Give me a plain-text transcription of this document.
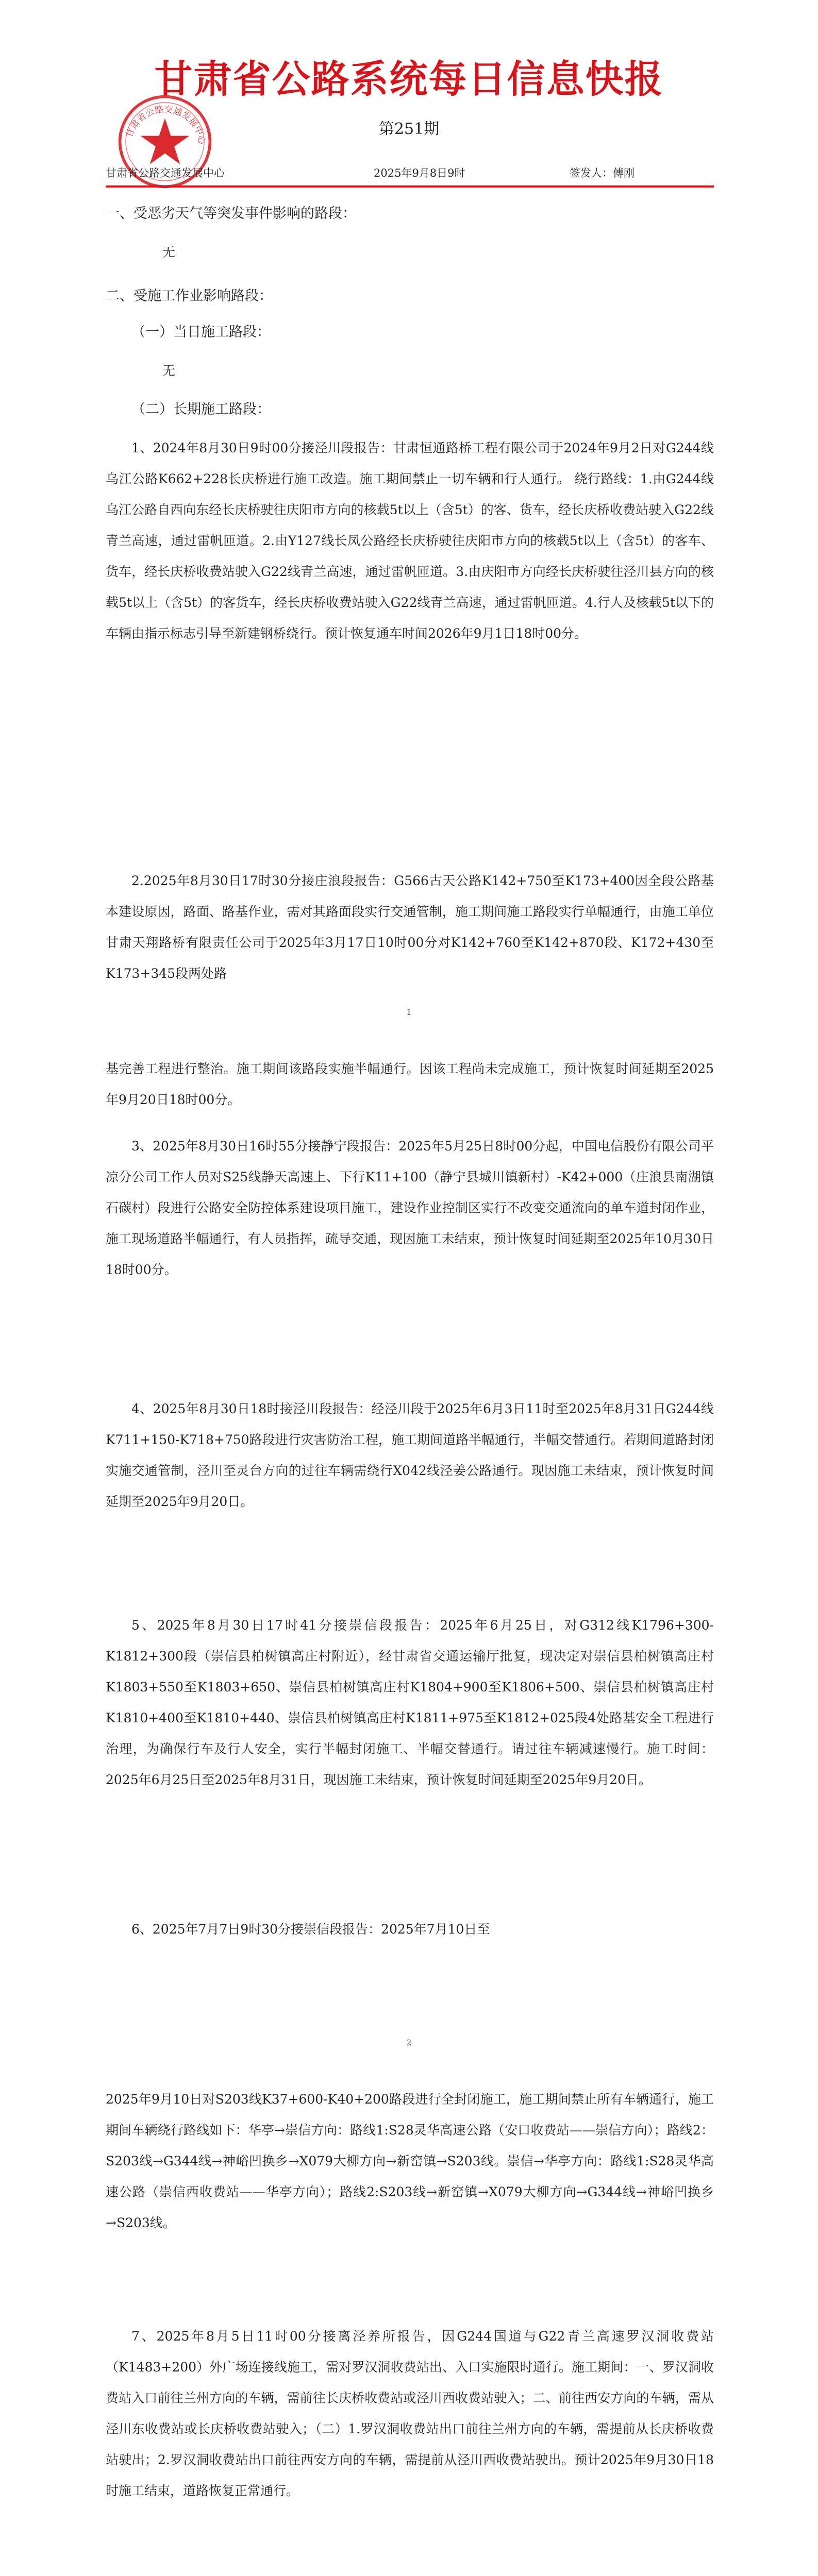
甘肃省公路交通发展中心
甘肃省公路系统每日信息快报
第251期
甘肃省公路交通发展中心	2025年9月8日9时	签发人：傅刚

一、受恶劣天气等突发事件影响的路段：

无

二、受施工作业影响路段：

（一）当日施工路段：

无

（二）长期施工路段：

1、2024年8月30日9时00分接泾川段报告：甘肃恒通路桥工程有限公司于2024年9月2日对G244线乌江公路K662+228长庆桥进行施工改造。施工期间禁止一切车辆和行人通行。 绕行路线：1.由G244线乌江公路自西向东经长庆桥驶往庆阳市方向的核载5t以上（含5t）的客、货车，经长庆桥收费站驶入G22线青兰高速，通过雷帆匝道。2.由Y127线长凤公路经长庆桥驶往庆阳市方向的核载5t以上（含5t）的客车、货车，经长庆桥收费站驶入G22线青兰高速，通过雷帆匝道。3.由庆阳市方向经长庆桥驶往泾川县方向的核载5t以上（含5t）的客货车，经长庆桥收费站驶入G22线青兰高速，通过雷帆匝道。4.行人及核载5t以下的车辆由指示标志引导至新建钢桥绕行。预计恢复通车时间2026年9月1日18时00分。

2.2025年8月30日17时30分接庄浪段报告：G566古天公路K142+750至K173+400因全段公路基本建设原因，路面、路基作业，需对其路面段实行交通管制，施工期间施工路段实行单幅通行，由施工单位甘肃天翔路桥有限责任公司于2025年3月17日10时00分对K142+760至K142+870段、K172+430至K173+345段两处路

1

基完善工程进行整治。施工期间该路段实施半幅通行。因该工程尚未完成施工，预计恢复时间延期至2025年9月20日18时00分。

3、2025年8月30日16时55分接静宁段报告：2025年5月25日8时00分起，中国电信股份有限公司平凉分公司工作人员对S25线静天高速上、下行K11+100（静宁县城川镇新村）-K42+000（庄浪县南湖镇石碳村）段进行公路安全防控体系建设项目施工，建设作业控制区实行不改变交通流向的单车道封闭作业，施工现场道路半幅通行，有人员指挥，疏导交通，现因施工未结束，预计恢复时间延期至2025年10月30日18时00分。

4、2025年8月30日18时接泾川段报告：经泾川段于2025年6月3日11时至2025年8月31日G244线K711+150-K718+750路段进行灾害防治工程，施工期间道路半幅通行，半幅交替通行。若期间道路封闭实施交通管制，泾川至灵台方向的过往车辆需绕行X042线泾姜公路通行。现因施工未结束，预计恢复时间延期至2025年9月20日。

5、2025年8月30日17时41分接崇信段报告：2025年6月25日，对G312线K1796+300-K1812+300段（崇信县柏树镇高庄村附近），经甘肃省交通运输厅批复，现决定对崇信县柏树镇高庄村K1803+550至K1803+650、崇信县柏树镇高庄村K1804+900至K1806+500、崇信县柏树镇高庄村K1810+400至K1810+440、崇信县柏树镇高庄村K1811+975至K1812+025段4处路基安全工程进行治理，为确保行车及行人安全，实行半幅封闭施工、半幅交替通行。请过往车辆减速慢行。施工时间：2025年6月25日至2025年8月31日，现因施工未结束，预计恢复时间延期至2025年9月20日。

6、2025年7月7日9时30分接崇信段报告：2025年7月10日至

2

2025年9月10日对S203线K37+600-K40+200路段进行全封闭施工，施工期间禁止所有车辆通行，施工期间车辆绕行路线如下：华亭→崇信方向：路线1:S28灵华高速公路（安口收费站——崇信方向）；路线2：S203线→G344线→神峪凹换乡→X079大柳方向→新窑镇→S203线。崇信→华亭方向：路线1:S28灵华高速公路（崇信西收费站——华亭方向）；路线2:S203线→新窑镇→X079大柳方向→G344线→神峪凹换乡→S203线。

7、2025年8月5日11时00分接离泾养所报告，因G244国道与G22青兰高速罗汉洞收费站（K1483+200）外广场连接线施工，需对罗汉洞收费站出、入口实施限时通行。施工期间：一、罗汉洞收费站入口前往兰州方向的车辆，需前往长庆桥收费站或泾川西收费站驶入；二、前往西安方向的车辆，需从泾川东收费站或长庆桥收费站驶入；（二）1.罗汉洞收费站出口前往兰州方向的车辆，需提前从长庆桥收费站驶出；2.罗汉洞收费站出口前往西安方向的车辆，需提前从泾川西收费站驶出。预计2025年9月30日18时施工结束，道路恢复正常通行。
